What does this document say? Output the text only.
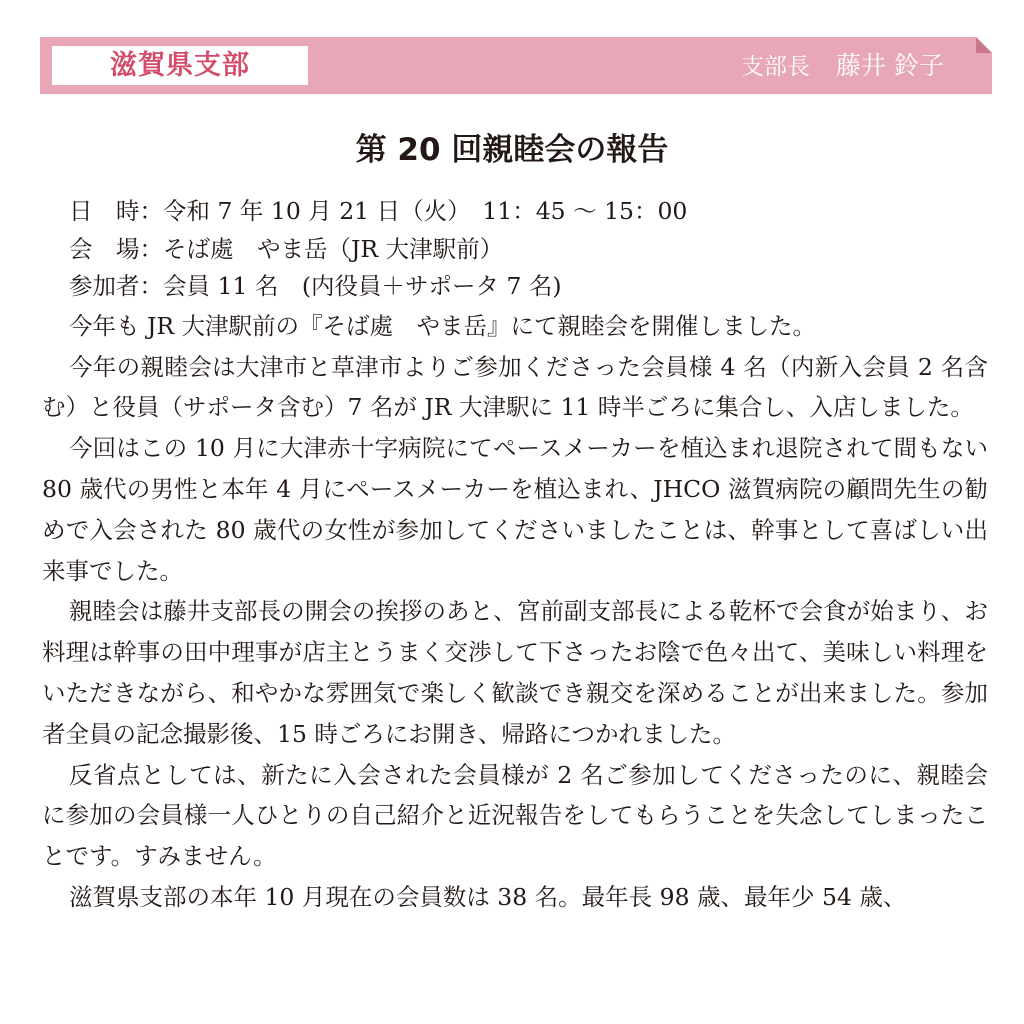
滋賀県支部	支部長 藤井 鈴子
第 20 回親睦会の報告
日　時：令和 7 年 10 月 21 日（火）　11：45 〜 15：00
会　場：そば處　やま岳（JR 大津駅前）
参加者：会員 11 名　(内役員＋サポータ 7 名)

今年も JR 大津駅前の『そば處　やま岳』にて親睦会を開催しました。

今年の親睦会は大津市と草津市よりご参加くださった会員様 4 名（内新入会員 2 名含む）と役員（サポータ含む）7 名が JR 大津駅に 11 時半ごろに集合し、入店しました。

今回はこの 10 月に大津赤十字病院にてペースメーカーを植込まれ退院されて間もない 80 歳代の男性と本年 4 月にペースメーカーを植込まれ、JHCO 滋賀病院の顧問先生の勧めで入会された 80 歳代の女性が参加してくださいましたことは、幹事として喜ばしい出来事でした。

親睦会は藤井支部長の開会の挨拶のあと、宮前副支部長による乾杯で会食が始まり、お料理は幹事の田中理事が店主とうまく交渉して下さったお陰で色々出て、美味しい料理をいただきながら、和やかな雰囲気で楽しく歓談でき親交を深めることが出来ました。参加者全員の記念撮影後、15 時ごろにお開き、帰路につかれました。

反省点としては、新たに入会された会員様が 2 名ご参加してくださったのに、親睦会に参加の会員様一人ひとりの自己紹介と近況報告をしてもらうことを失念してしまったことです。すみません。

滋賀県支部の本年 10 月現在の会員数は 38 名。最年長 98 歳、最年少 54 歳、
